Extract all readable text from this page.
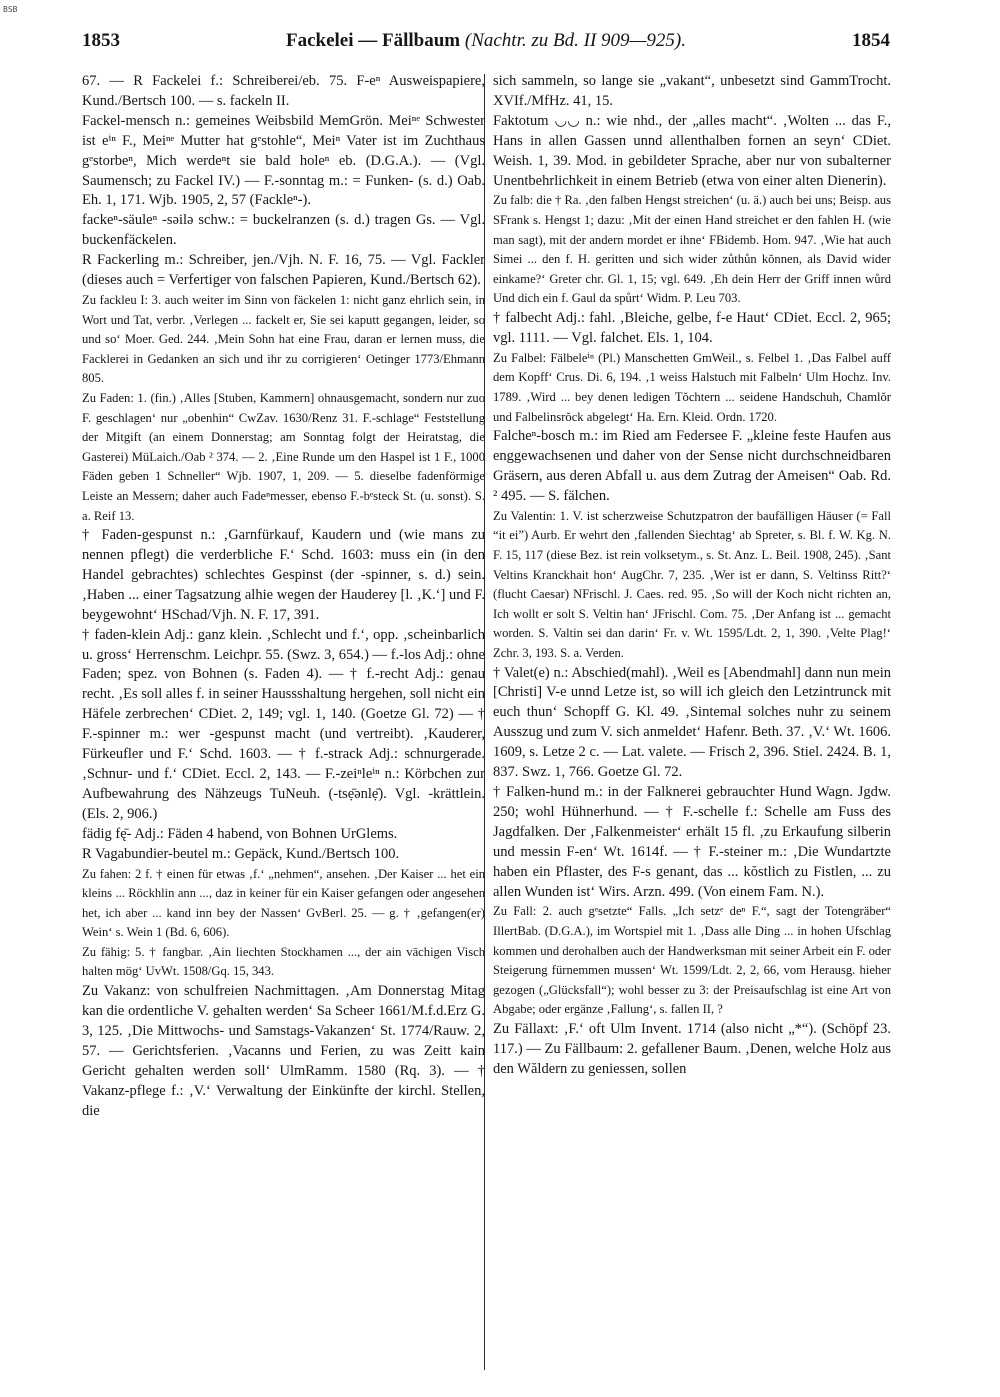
BSB
1853	Fackelei — Fällbaum (Nachtr. zu Bd. II 909—925).	1854

67. — R Fackelei f.: Schreiberei/eb. 75. F-eⁿ Ausweispapiere, Kund./Bertsch 100. — s. fackeln II.

Fackel-mensch n.: gemeines Weibsbild MemGrön. Meiⁿᵉ Schwester ist eⁱⁿ F., Meiⁿᵉ Mutter hat gᵉstohle“, Meiⁿ Vater ist im Zuchthaus gᵉstorbeⁿ, Mich werdeⁿt sie bald holeⁿ eb. (D.G.A.). — (Vgl. Saumensch; zu Fackel IV.) — F.-sonntag m.: = Funken- (s. d.) Oab. Eh. 1, 171. Wjb. 1905, 2, 57 (Fackleⁿ-).

fackeⁿ-säuleⁿ -səilə schw.: = buckelranzen (s. d.) tragen Gs. — Vgl. buckenfäckelen.

R Fackerling m.: Schreiber, jen./Vjh. N. F. 16, 75. — Vgl. Fackler (dieses auch = Verfertiger von falschen Papieren, Kund./Bertsch 62).

Zu fackleu I: 3. auch weiter im Sinn von fäckelen 1: nicht ganz ehrlich sein, in Wort und Tat, verbr. ‚Verlegen ... fackelt er, Sie sei kaputt gegangen, leider, so und so‘ Moer. Ged. 244. ‚Mein Sohn hat eine Frau, daran er lernen muss, die Facklerei in Gedanken an sich und ihr zu corrigieren‘ Oetinger 1773/Ehmann 805.

Zu Faden: 1. (fin.) ‚Alles [Stuben, Kammern] ohnausgemacht, sondern nur zuo F. geschlagen‘ nur „obenhin“ CwZav. 1630/Renz 31. F.-schlage“ Feststellung der Mitgift (an einem Donnerstag; am Sonntag folgt der Heiratstag, die Gasterei) MüLaich./Oab ² 374. — 2. ‚Eine Runde um den Haspel ist 1 F., 1000 Fäden geben 1 Schneller“ Wjb. 1907, 1, 209. — 5. dieselbe fadenförmige Leiste an Messern; daher auch Fadeⁿmesser, ebenso F.-bᵉsteck St. (u. sonst). S. a. Reif 13.

† Faden-gespunst n.: ‚Garnfürkauf, Kaudern und (wie mans zu nennen pflegt) die verderbliche F.‘ Schd. 1603: muss ein (in den Handel gebrachtes) schlechtes Gespinst (der -spinner, s. d.) sein. ‚Haben ... einer Tagsatzung alhie wegen der Hauderey [l. ‚K.‘] und F. beygewohnt‘ HSchad/Vjh. N. F. 17, 391.

† faden-klein Adj.: ganz klein. ‚Schlecht und f.‘, opp. ‚scheinbarlich u. gross‘ Herrenschm. Leichpr. 55. (Swz. 3, 654.) — f.-los Adj.: ohne Faden; spez. von Bohnen (s. Faden 4). — † f.-recht Adj.: genau recht. ‚Es soll alles f. in seiner Haussshaltung hergehen, soll nicht ein Häfele zerbrechen‘ CDiet. 2, 149; vgl. 1, 140. (Goetze Gl. 72) — † F.-spinner m.: wer -gespunst macht (und vertreibt). ‚Kauderer, Fürkeufler und F.‘ Schd. 1603. — † f.-strack Adj.: schnurgerade. ‚Schnur- und f.‘ CDiet. Eccl. 2, 143. — F.-zeiⁿleⁱⁿ n.: Körbchen zur Aufbewahrung des Nähzeugs TuNeuh. (-tsẹ̄ənlẹ̄). Vgl. -krättlein. (Els. 2, 906.)

fädig fę̄- Adj.: Fäden 4 habend, von Bohnen UrGlems.

R Vagabundier-beutel m.: Gepäck, Kund./Bertsch 100.

Zu fahen: 2 f. † einen für etwas ‚f.‘ „nehmen“, ansehen. ‚Der Kaiser ... het ein kleins ... Röckhlin ann ..., daz in keiner für ein Kaiser gefangen oder angesehen het, ich aber ... kand inn bey der Nassen‘ GvBerl. 25. — g. † ‚gefangen(er) Wein‘ s. Wein 1 (Bd. 6, 606).

Zu fähig: 5. † fangbar. ‚Ain liechten Stockhamen ..., der ain vāchigen Visch halten mög‘ UvWt. 1508/Gq. 15, 343.

Zu Vakanz: von schulfreien Nachmittagen. ‚Am Donnerstag Mitag kan die ordentliche V. gehalten werden‘ Sa Scheer 1661/M.f.d.Erz G. 3, 125. ‚Die Mittwochs- und Samstags-Vakanzen‘ St. 1774/Rauw. 2, 57. — Gerichtsferien. ‚Vacanns und Ferien, zu was Zeitt kain Gericht gehalten werden soll‘ UlmRamm. 1580 (Rq. 3). — † Vakanz-pflege f.: ‚V.‘ Verwaltung der Einkünfte der kirchl. Stellen, die

sich sammeln, so lange sie „vakant“, unbesetzt sind GammTrocht. XVIf./MfHz. 41, 15.

Faktotum ◡◡ n.: wie nhd., der „alles macht“. ‚Wolten ... das F., Hans in allen Gassen unnd allenthalben fornen an seyn‘ CDiet. Weish. 1, 39. Mod. in gebildeter Sprache, aber nur von subalterner Unentbehrlichkeit in einem Betrieb (etwa von einer alten Dienerin).

Zu falb: die † Ra. ‚den falben Hengst streichen‘ (u. ä.) auch bei uns; Beisp. aus SFrank s. Hengst 1; dazu: ‚Mit der einen Hand streichet er den fahlen H. (wie man sagt), mit der andern mordet er ihne‘ FBidemb. Hom. 947. ‚Wie hat auch Simei ... den f. H. geritten und sich wider zůthůn kŏnnen, als David wider einkame?‘ Greter chr. Gl. 1, 15; vgl. 649. ‚Eh dein Herr der Griff innen wůrd Und dich ein f. Gaul da spůrt‘ Widm. P. Leu 703.

† falbecht Adj.: fahl. ‚Bleiche, gelbe, f-e Haut‘ CDiet. Eccl. 2, 965; vgl. 1111. — Vgl. falchet. Els. 1, 104.

Zu Falbel: Fälbeleⁱⁿ (Pl.) Manschetten GmWeil., s. Felbel 1. ‚Das Falbel auff dem Kopff‘ Crus. Di. 6, 194. ‚1 weiss Halstuch mit Falbeln‘ Ulm Hochz. Inv. 1789. ‚Wird ... bey denen ledigen Tŏchtern ... seidene Handschuh, Chamlŏr und Falbelinsrŏck abgelegt‘ Ha. Ern. Kleid. Ordn. 1720.

Falcheⁿ-bosch m.: im Ried am Federsee F. „kleine feste Haufen aus enggewachsenen und daher von der Sense nicht durchschneidbaren Gräsern, aus deren Abfall u. aus dem Zutrag der Ameisen“ Oab. Rd. ² 495. — S. fälchen.

Zu Valentin: 1. V. ist scherzweise Schutzpatron der baufälligen Häuser (= Fall “it ei”) Aurb. Er wehrt den ‚fallenden Siechtag‘ ab Spreter, s. Bl. f. W. Kg. N. F. 15, 117 (diese Bez. ist rein volksetym., s. St. Anz. L. Beil. 1908, 245). ‚Sant Veltins Kranckhait hon‘ AugChr. 7, 235. ‚Wer ist er dann, S. Veltinss Ritt?‘ (flucht Caesar) NFrischl. J. Caes. red. 95. ‚So will der Koch nicht richten an, Ich wollt er solt S. Veltin han‘ JFrischl. Com. 75. ‚Der Anfang ist ... gemacht worden. S. Valtin sei dan darin‘ Fr. v. Wt. 1595/Ldt. 2, 1, 390. ‚Velte Plag!‘ Zchr. 3, 193. S. a. Verden.

† Valet(e) n.: Abschied(mahl). ‚Weil es [Abendmahl] dann nun mein [Christi] V-e unnd Letze ist, so will ich gleich den Letzintrunck mit euch thun‘ Schopff G. Kl. 49. ‚Sintemal solches nuhr zu seinem Ausszug und zum V. sich anmeldet‘ Hafenr. Beth. 37. ‚V.‘ Wt. 1606. 1609, s. Letze 2 c. — Lat. valete. — Frisch 2, 396. Stiel. 2424. B. 1, 837. Swz. 1, 766. Goetze Gl. 72.

† Falken-hund m.: in der Falknerei gebrauchter Hund Wagn. Jgdw. 250; wohl Hühnerhund. — † F.-schelle f.: Schelle am Fuss des Jagdfalken. Der ‚Falkenmeister‘ erhält 15 fl. ‚zu Erkaufung silberin und messin F-en‘ Wt. 1614f. — † F.-steiner m.: ‚Die Wundartzte haben ein Pflaster, des F-s genant, das ... kŏstlich zu Fistlen, ... zu allen Wunden ist‘ Wirs. Arzn. 499. (Von einem Fam. N.).

Zu Fall: 2. auch gᵉsetzte“ Falls. „Ich setzᵉ deⁿ F.“, sagt der Totengräber“ IllertBab. (D.G.A.), im Wortspiel mit 1. ‚Dass alle Ding ... in hohen Ufschlag kommen und derohalben auch der Handwerksman mit seiner Arbeit ein F. oder Steigerung fürnemmen mussen‘ Wt. 1599/Ldt. 2, 2, 66, vom Herausg. hieher gezogen („Glücksfall“); wohl besser zu 3: der Preisaufschlag ist eine Art von Abgabe; oder ergänze ‚Fallung‘, s. fallen II, ?

Zu Fällaxt: ‚F.‘ oft Ulm Invent. 1714 (also nicht „*“). (Schöpf 23. 117.) — Zu Fällbaum: 2. gefallener Baum. ‚Denen, welche Holz aus den Wăldern zu geniessen, sollen
